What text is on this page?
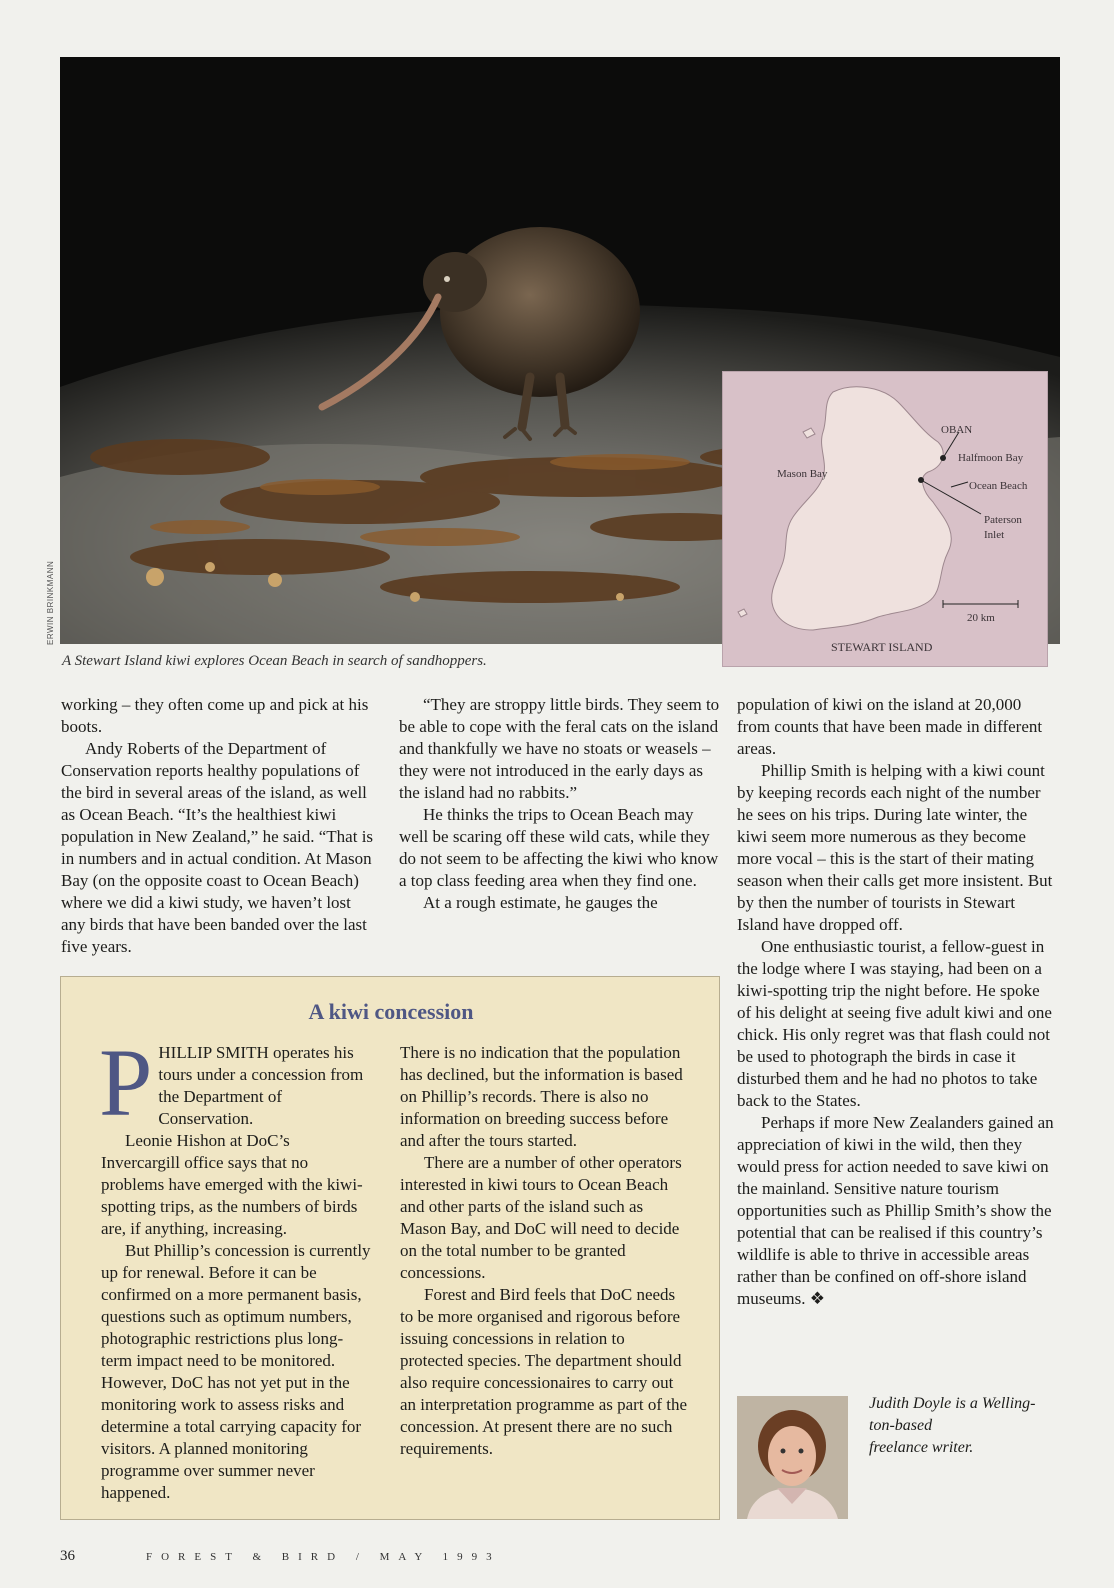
ERWIN BRINKMANN
OBAN
Halfmoon Bay
Mason Bay
Ocean Beach
Paterson
Inlet
20 km
STEWART ISLAND
A Stewart Island kiwi explores Ocean Beach in search of sandhoppers.

working – they often come up and pick at his boots.

Andy Roberts of the Department of Conservation reports healthy populations of the bird in several areas of the island, as well as Ocean Beach. “It’s the healthiest kiwi population in New Zealand,” he said. “That is in numbers and in actual condition. At Mason Bay (on the opposite coast to Ocean Beach) where we did a kiwi study, we haven’t lost any birds that have been banded over the last five years.

“They are stroppy little birds. They seem to be able to cope with the feral cats on the island and thankfully we have no stoats or weasels – they were not introduced in the early days as the island had no rabbits.”

He thinks the trips to Ocean Beach may well be scaring off these wild cats, while they do not seem to be affecting the kiwi who know a top class feeding area when they find one.

At a rough estimate, he gauges the

population of kiwi on the island at 20,000 from counts that have been made in different areas.

Phillip Smith is helping with a kiwi count by keeping records each night of the number he sees on his trips. During late winter, the kiwi seem more numerous as they become more vocal – this is the start of their mating season when their calls get more insistent. But by then the number of tourists in Stewart Island have dropped off.

One enthusiastic tourist, a fellow-guest in the lodge where I was staying, had been on a kiwi-spotting trip the night before. He spoke of his delight at seeing five adult kiwi and one chick. His only regret was that flash could not be used to photograph the birds in case it disturbed them and he had no photos to take back to the States.

Perhaps if more New Zealanders gained an appreciation of kiwi in the wild, then they would press for action needed to save kiwi on the mainland. Sensitive nature tourism opportunities such as Phillip Smith’s show the potential that can be realised if this country’s wildlife is able to thrive in accessible areas rather than be confined on off-shore island museums. ❖

A kiwi concession

PHILLIP SMITH operates his tours under a concession from the Department of Conservation.

Leonie Hishon at DoC’s Invercargill office says that no problems have emerged with the kiwi-spotting trips, as the numbers of birds are, if anything, increasing.

But Phillip’s concession is currently up for renewal. Before it can be confirmed on a more permanent basis, questions such as optimum numbers, photographic restrictions plus long-term impact need to be monitored. However, DoC has not yet put in the monitoring work to assess risks and determine a total carrying capacity for visitors. A planned monitoring programme over summer never happened.

There is no indication that the population has declined, but the information is based on Phillip’s records. There is also no information on breeding success before and after the tours started.

There are a number of other operators interested in kiwi tours to Ocean Beach and other parts of the island such as Mason Bay, and DoC will need to decide on the total number to be granted concessions.

Forest and Bird feels that DoC needs to be more organised and rigorous before issuing concessions in relation to protected species. The department should also require concessionaires to carry out an interpretation programme as part of the concession. At present there are no such requirements.

Judith Doyle is a Welling-
ton-based
freelance writer.
36	FOREST & BIRD / MAY 1993
